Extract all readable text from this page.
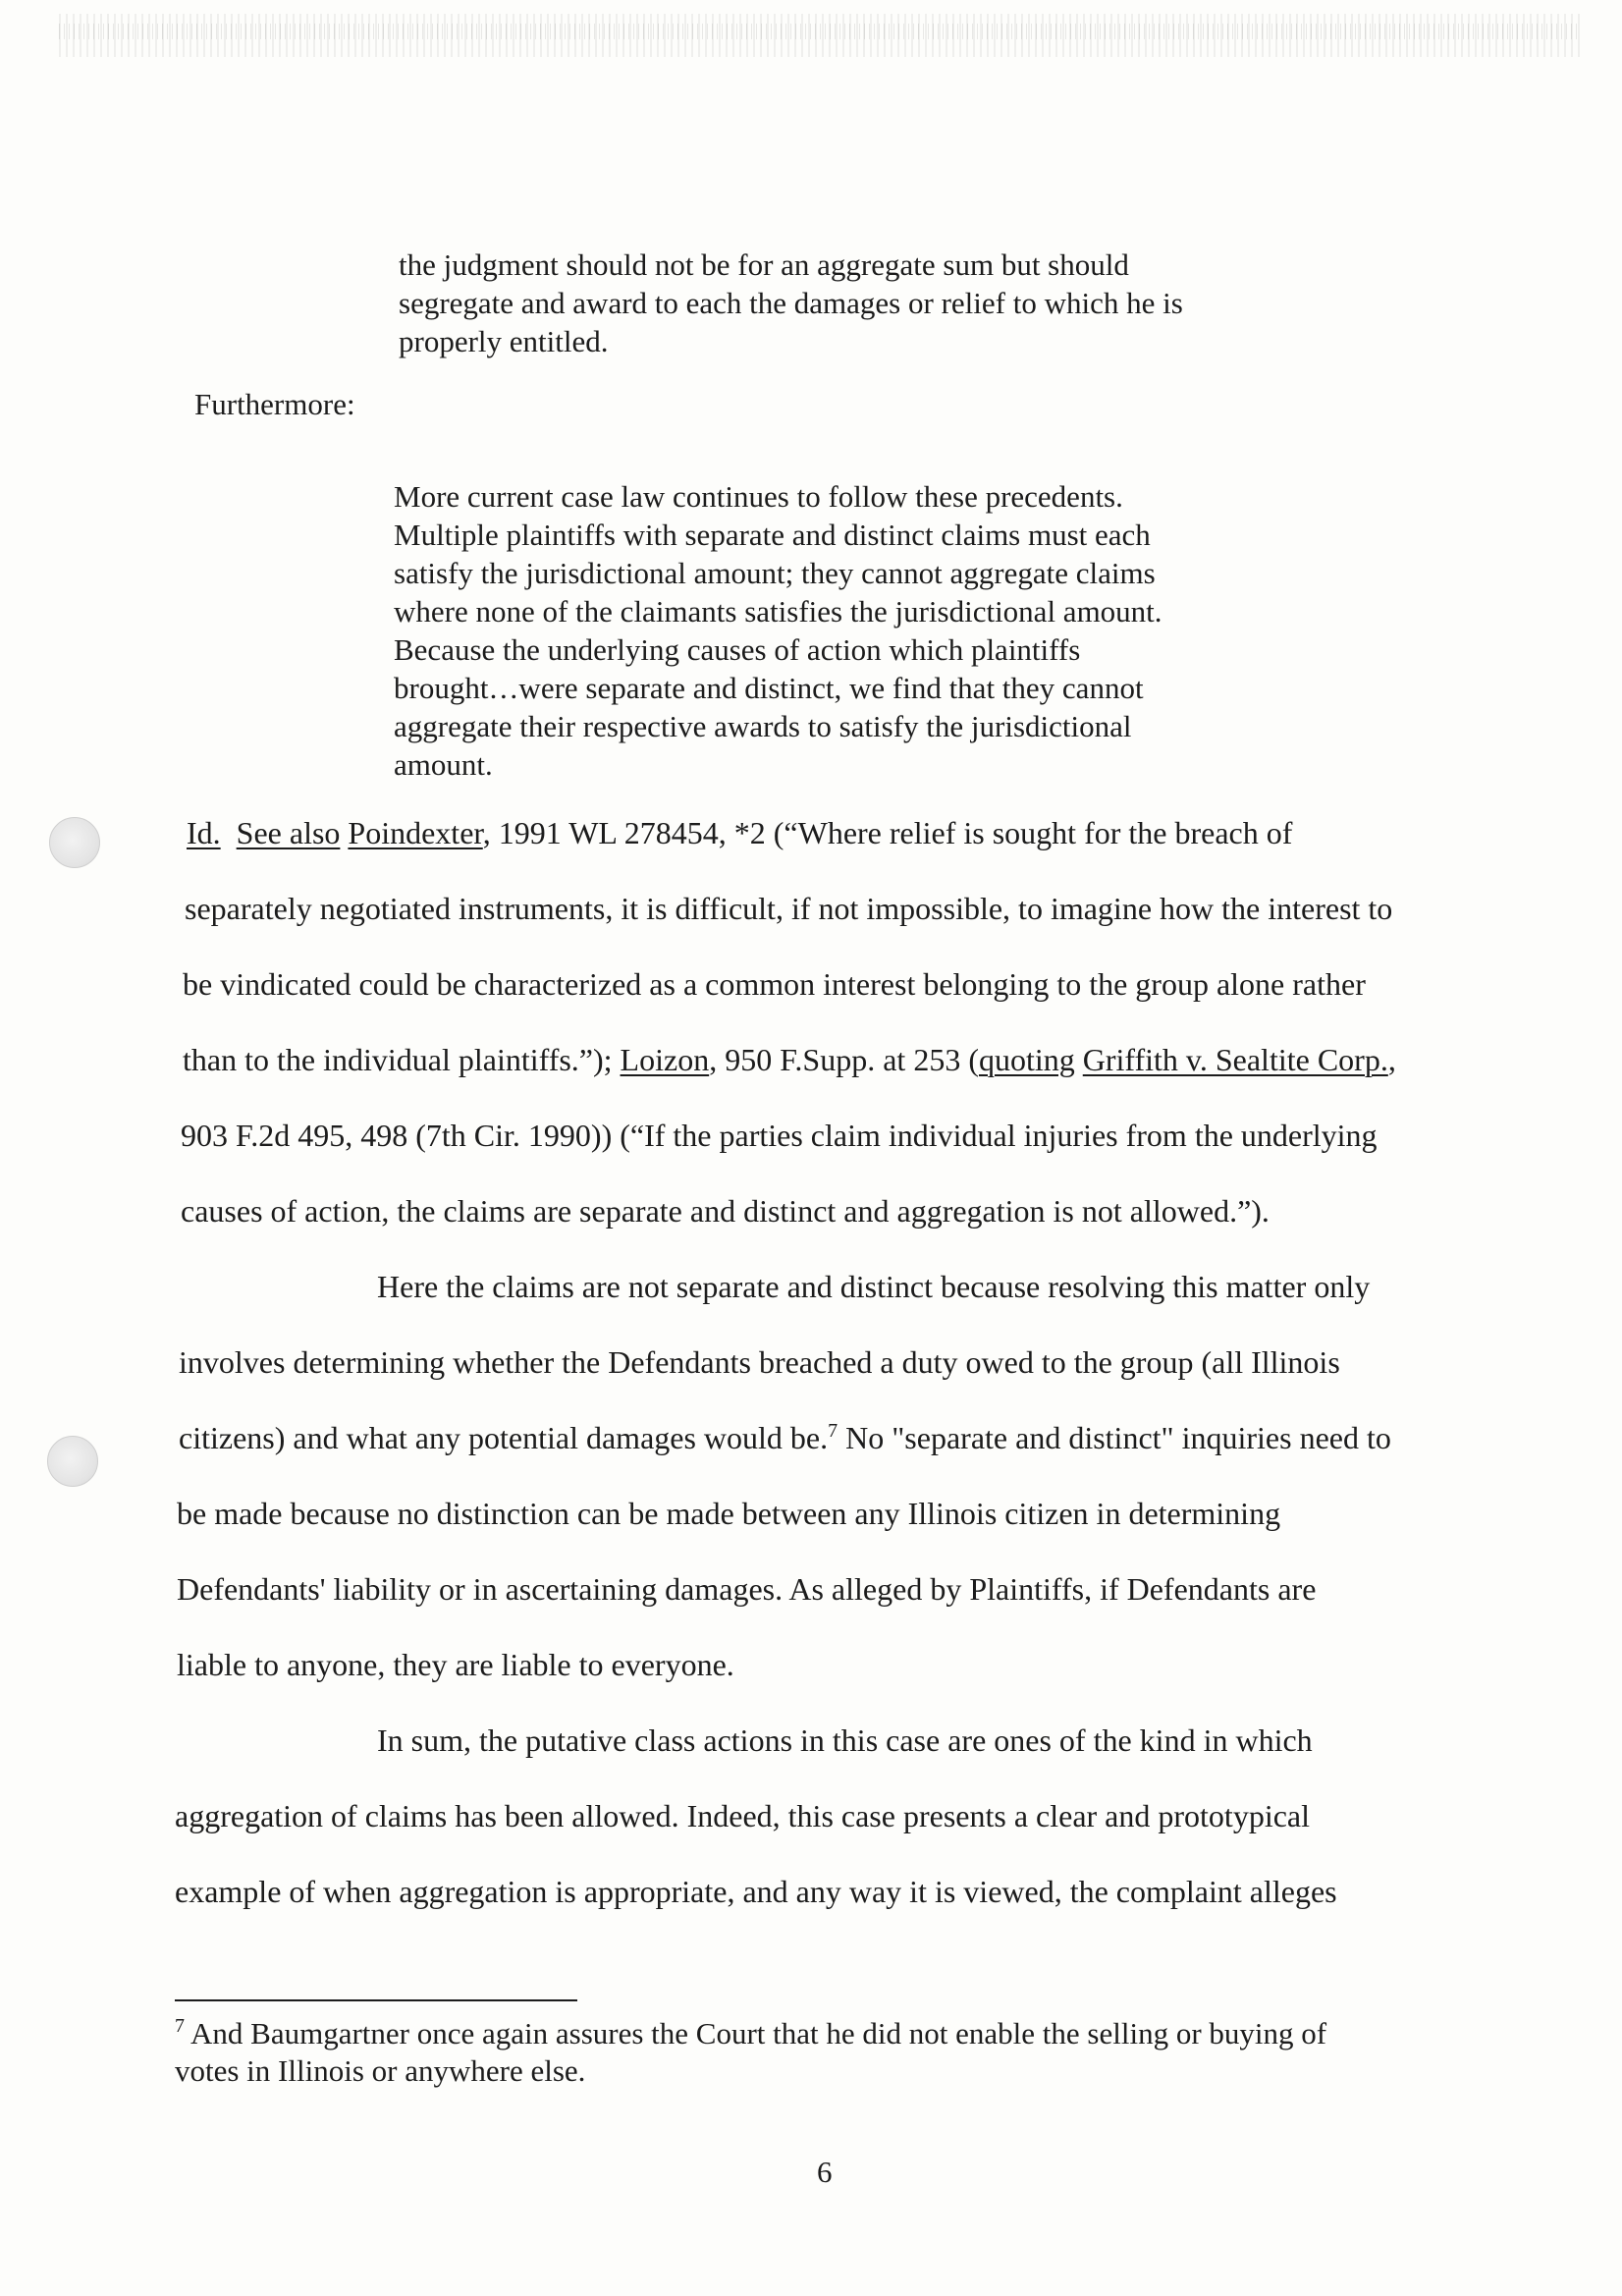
the judgment should not be for an aggregate sum but should
segregate and award to each the damages or relief to which he is
properly entitled.

Furthermore:

More current case law continues to follow these precedents.
Multiple plaintiffs with separate and distinct claims must each
satisfy the jurisdictional amount; they cannot aggregate claims
where none of the claimants satisfies the jurisdictional amount.
Because the underlying causes of action which plaintiffs
brought…were separate and distinct, we find that they cannot
aggregate their respective awards to satisfy the jurisdictional
amount.

Id. See also Poindexter, 1991 WL 278454, *2 (“Where relief is sought for the breach of

separately negotiated instruments, it is difficult, if not impossible, to imagine how the interest to

be vindicated could be characterized as a common interest belonging to the group alone rather

than to the individual plaintiffs.”); Loizon, 950 F.Supp. at 253 (quoting Griffith v. Sealtite Corp.,

903 F.2d 495, 498 (7th Cir. 1990)) (“If the parties claim individual injuries from the underlying

causes of action, the claims are separate and distinct and aggregation is not allowed.”).

Here the claims are not separate and distinct because resolving this matter only

involves determining whether the Defendants breached a duty owed to the group (all Illinois

citizens) and what any potential damages would be.$^7$ No "separate and distinct" inquiries need to

be made because no distinction can be made between any Illinois citizen in determining

Defendants' liability or in ascertaining damages. As alleged by Plaintiffs, if Defendants are

liable to anyone, they are liable to everyone.

In sum, the putative class actions in this case are ones of the kind in which

aggregation of claims has been allowed. Indeed, this case presents a clear and prototypical

example of when aggregation is appropriate, and any way it is viewed, the complaint alleges

$^7$ And Baumgartner once again assures the Court that he did not enable the selling or buying of
votes in Illinois or anywhere else.

6
